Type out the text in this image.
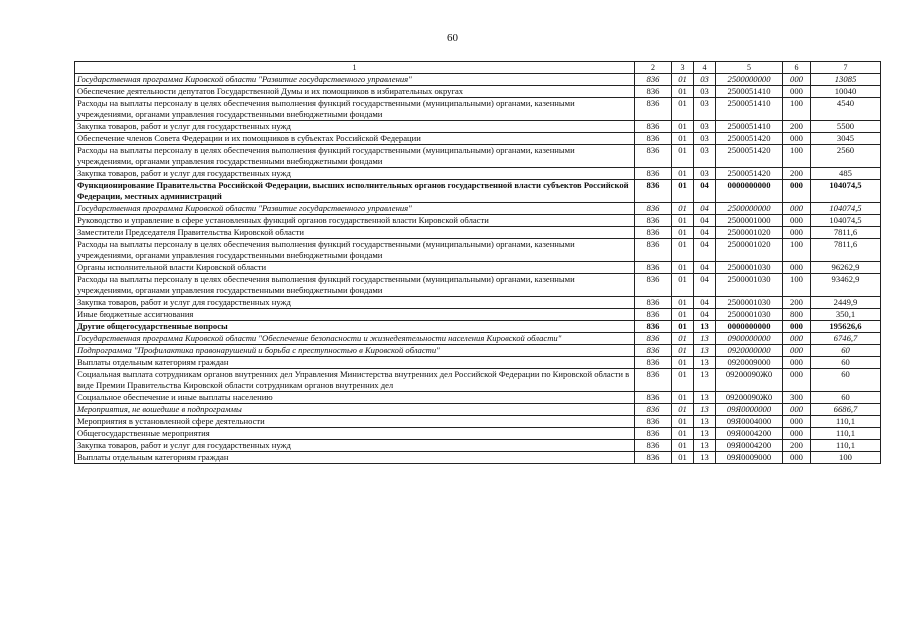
60
1	2	3	4	5	6	7
Государственная программа Кировской области "Развитие государственного управления"	836	01	03	2500000000	000	13085
Обеспечение деятельности депутатов Государственной Думы и их помощников в избирательных округах	836	01	03	2500051410	000	10040
Расходы на выплаты персоналу в целях обеспечения выполнения функций государственными (муниципальными) органами, казенными учреждениями, органами управления государственными внебюджетными фондами	836	01	03	2500051410	100	4540
Закупка товаров, работ и услуг для государственных нужд	836	01	03	2500051410	200	5500
Обеспечение членов Совета Федерации и их помощников в субъектах Российской Федерации	836	01	03	2500051420	000	3045
Расходы на выплаты персоналу в целях обеспечения выполнения функций государственными (муниципальными) органами, казенными учреждениями, органами управления государственными внебюджетными фондами	836	01	03	2500051420	100	2560
Закупка товаров, работ и услуг для государственных нужд	836	01	03	2500051420	200	485
Функционирование Правительства Российской Федерации, высших исполнительных органов государственной власти субъектов Российской Федерации, местных администраций	836	01	04	0000000000	000	104074,5
Государственная программа Кировской области "Развитие государственного управления"	836	01	04	2500000000	000	104074,5
Руководство и управление в сфере установленных функций органов государственной власти Кировской области	836	01	04	2500001000	000	104074,5
Заместители Председателя Правительства Кировской области	836	01	04	2500001020	000	7811,6
Расходы на выплаты персоналу в целях обеспечения выполнения функций государственными (муниципальными) органами, казенными учреждениями, органами управления государственными внебюджетными фондами	836	01	04	2500001020	100	7811,6
Органы исполнительной власти Кировской области	836	01	04	2500001030	000	96262,9
Расходы на выплаты персоналу в целях обеспечения выполнения функций государственными (муниципальными) органами, казенными учреждениями, органами управления государственными внебюджетными фондами	836	01	04	2500001030	100	93462,9
Закупка товаров, работ и услуг для государственных нужд	836	01	04	2500001030	200	2449,9
Иные бюджетные ассигнования	836	01	04	2500001030	800	350,1
Другие общегосударственные вопросы	836	01	13	0000000000	000	195626,6
Государственная программа Кировской области "Обеспечение безопасности и жизнедеятельности населения Кировской области"	836	01	13	0900000000	000	6746,7
Подпрограмма "Профилактика правонарушений и борьба с преступностью в Кировской области"	836	01	13	0920000000	000	60
Выплаты отдельным категориям граждан	836	01	13	0920009000	000	60
Социальная выплата сотрудникам органов внутренних дел Управления Министерства внутренних дел Российской Федерации по Кировской области в виде Премии Правительства Кировской области сотрудникам органов внутренних дел	836	01	13	09200090Ж0	000	60
Социальное обеспечение и иные выплаты населению	836	01	13	09200090Ж0	300	60
Мероприятия, не вошедшие в подпрограммы	836	01	13	09Я0000000	000	6686,7
Мероприятия в установленной сфере деятельности	836	01	13	09Я0004000	000	110,1
Общегосударственные мероприятия	836	01	13	09Я0004200	000	110,1
Закупка товаров, работ и услуг для государственных нужд	836	01	13	09Я0004200	200	110,1
Выплаты отдельным категориям граждан	836	01	13	09Я0009000	000	100
